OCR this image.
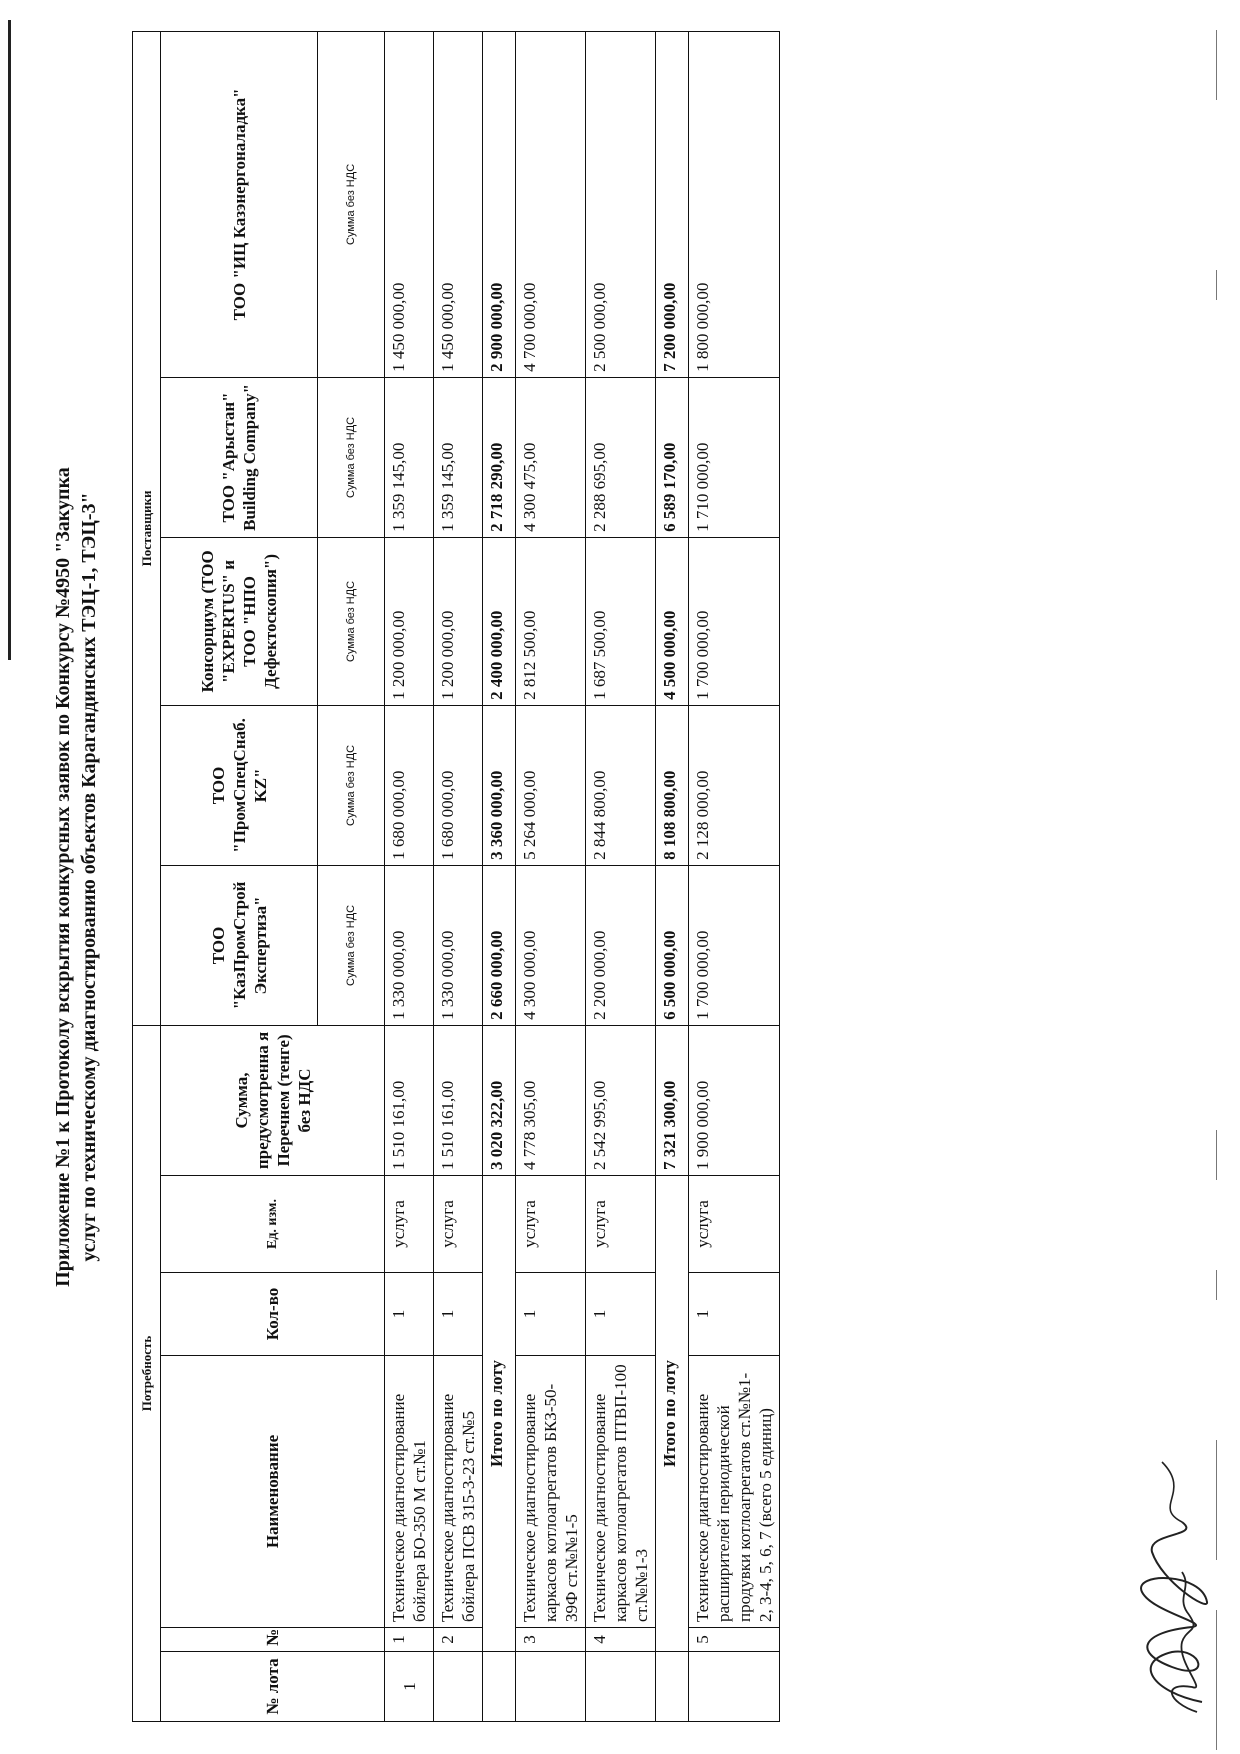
Приложение №1 к Протоколу вскрытия конкурсных заявок по Конкурсу №4950 "Закупка услуг по техническому диагностированию объектов Карагандинских ТЭЦ-1, ТЭЦ-3"
Потребность						Поставщики				
№ лота	№	Наименование	Кол-во	Ед. изм.	Сумма, предусмотренна я Перечнем (тенге) без НДС	ТОО "КазПромСтрой Экспертиза"	ТОО "ПромСпецСнаб. KZ"	Консорциум (ТОО "EXPERTUS" и ТОО "НПО Дефектоскопия")	ТОО "Арыстан" Building Company"	ТОО "ИЦ Казэнергоналадка"
						Сумма без НДС	Сумма без НДС	Сумма без НДС	Сумма без НДС	Сумма без НДС
1	1	Техническое диагностирование бойлера БО-350 М ст.№1	1	услуга	1 510 161,00	1 330 000,00	1 680 000,00	1 200 000,00	1 359 145,00	1 450 000,00
	2	Техническое диагностирование бойлера ПСВ 315-3-23 ст.№5	1	услуга	1 510 161,00	1 330 000,00	1 680 000,00	1 200 000,00	1 359 145,00	1 450 000,00
	Итого по лоту				3 020 322,00	2 660 000,00	3 360 000,00	2 400 000,00	2 718 290,00	2 900 000,00
	3	Техническое диагностирование каркасов котлоагрегатов БКЗ-50-39Ф ст.№№1-5	1	услуга	4 778 305,00	4 300 000,00	5 264 000,00	2 812 500,00	4 300 475,00	4 700 000,00
	4	Техническое диагностирование каркасов котлоагрегатов ПТВП-100 ст.№№1-3	1	услуга	2 542 995,00	2 200 000,00	2 844 800,00	1 687 500,00	2 288 695,00	2 500 000,00
	Итого по лоту				7 321 300,00	6 500 000,00	8 108 800,00	4 500 000,00	6 589 170,00	7 200 000,00
	5	Техническое диагностирование расширителей периодической продувки котлоагрегатов ст.№№1-2, 3-4, 5, 6, 7 (всего 5 единиц)	1	услуга	1 900 000,00	1 700 000,00	2 128 000,00	1 700 000,00	1 710 000,00	1 800 000,00
